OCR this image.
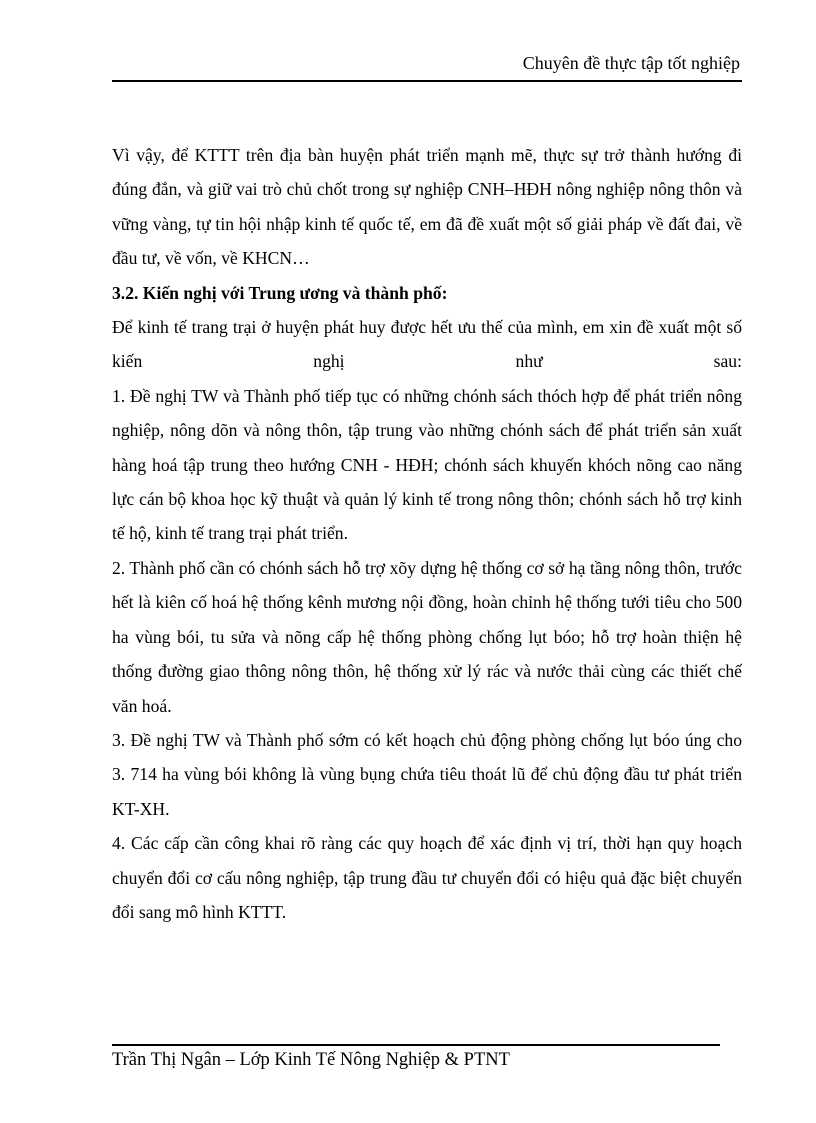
Chuyên đề thực tập tốt nghiệp

Vì vậy, để KTTT trên địa bàn huyện phát triển mạnh mẽ, thực sự trở thành hướng đi đúng đắn, và giữ vai trò chủ chốt trong sự nghiệp CNH–HĐH nông nghiệp nông thôn và vững vàng, tự tin hội nhập kinh tế quốc tế, em đã đề xuất một số giải pháp về đất đai, về đầu tư, về vốn, về KHCN…

3.2. Kiến nghị với Trung ương và thành phố:

Để kinh tế trang trại ở huyện phát huy được hết ưu thế của mình, em xin đề xuất một số kiến nghị như sau:

1. Đề nghị TW và Thành phố tiếp tục có những chónh sách thóch hợp để phát triển nông nghiệp, nông dõn và nông thôn, tập trung vào những chónh sách để phát triển sản xuất hàng hoá tập trung theo hướng CNH - HĐH; chónh sách khuyến khóch nõng cao năng lực cán bộ khoa học kỹ thuật và quản lý kinh tế trong nông thôn; chónh sách hỗ trợ kinh tế hộ, kinh tế trang trại phát triển.

2. Thành phố cần có chónh sách hỗ trợ xõy dựng hệ thống cơ sở hạ tầng nông thôn, trước hết là kiên cố hoá hệ thống kênh mương nội đồng, hoàn chỉnh hệ thống tưới tiêu cho 500 ha vùng bói, tu sửa và nõng cấp hệ thống phòng chống lụt bóo; hỗ trợ hoàn thiện hệ thống đường giao thông nông thôn, hệ thống xử lý rác và nước thải cùng các thiết chế văn hoá.

3. Đề nghị TW và Thành phố sớm có kết hoạch chủ động phòng chống lụt bóo úng cho 3. 714 ha vùng bói không là vùng bụng chứa tiêu thoát lũ để chủ động đầu tư phát triển KT-XH.

4. Các cấp cần công khai rõ ràng các quy hoạch để xác định vị trí, thời hạn quy hoạch chuyển đổi cơ cấu nông nghiệp, tập trung đầu tư chuyển đổi có hiệu quả đặc biệt chuyển đổi sang mô hình KTTT.

Trần Thị Ngân – Lớp Kinh Tế Nông Nghiệp & PTNT
